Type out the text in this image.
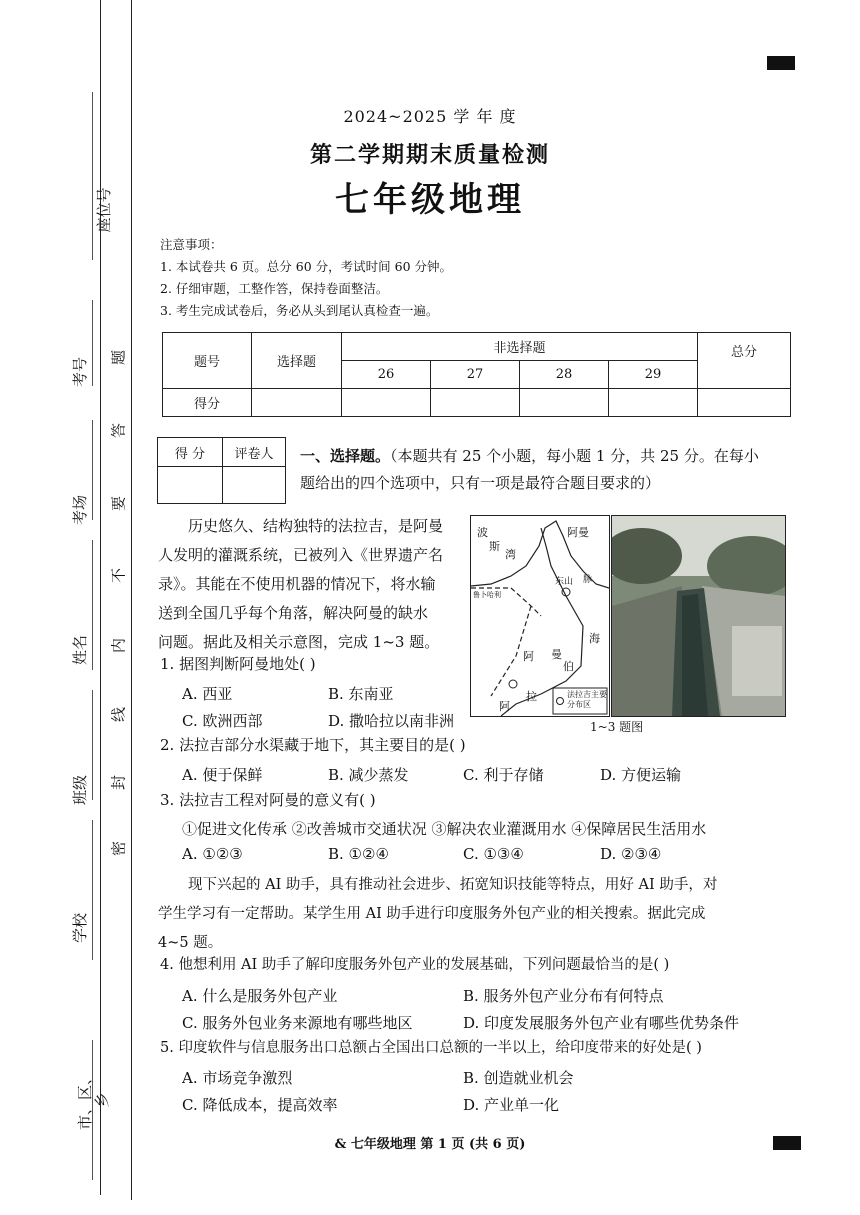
座位号
考号
考场
姓名
班级
学校
市、区、乡
题
答
要
不
内
线
封
密
2024~2025 学 年 度
第二学期期末质量检测
七年级地理
注意事项：
1. 本试卷共 6 页。总分 60 分，考试时间 60 分钟。
2. 仔细审题，工整作答，保持卷面整洁。
3. 考生完成试卷后，务必从头到尾认真检查一遍。
题号	选择题	非选择题				总分
		26	27	28	29	
得分						
得 分	评卷人
	一、选择题。（本题共有 25 个小题，每小题 1 分，共 25 分。在每小
题给出的四个选项中，只有一项是最符合题目要求的）
历史悠久、结构独特的法拉吉，是阿曼
人发明的灌溉系统，已被列入《世界遗产名
录》。其能在不使用机器的情况下，将水输
送到全国几乎每个角落，解决阿曼的缺水
问题。据此及相关示意图，完成 1~3 题。
波
斯
湾
阿曼
东山 脉
鲁卜哈利
阿 曼
海
伯
拉
阿
法拉吉主要分布区
1~3 题图
1. 据图判断阿曼地处( )
A. 西亚	B. 东南亚
C. 欧洲西部	D. 撒哈拉以南非洲
2. 法拉吉部分水渠藏于地下，其主要目的是( )
A. 便于保鲜	B. 减少蒸发	C. 利于存储	D. 方便运输
3. 法拉吉工程对阿曼的意义有( )
①促进文化传承 ②改善城市交通状况 ③解决农业灌溉用水 ④保障居民生活用水
A. ①②③	B. ①②④	C. ①③④	D. ②③④
现下兴起的 AI 助手，具有推动社会进步、拓宽知识技能等特点，用好 AI 助手，对
学生学习有一定帮助。某学生用 AI 助手进行印度服务外包产业的相关搜索。据此完成
4~5 题。
4. 他想利用 AI 助手了解印度服务外包产业的发展基础，下列问题最恰当的是( )
A. 什么是服务外包产业	B. 服务外包产业分布有何特点
C. 服务外包业务来源地有哪些地区	D. 印度发展服务外包产业有哪些优势条件
5. 印度软件与信息服务出口总额占全国出口总额的一半以上，给印度带来的好处是( )
A. 市场竞争激烈	B. 创造就业机会
C. 降低成本，提高效率	D. 产业单一化
& 七年级地理 第 1 页 (共 6 页)
